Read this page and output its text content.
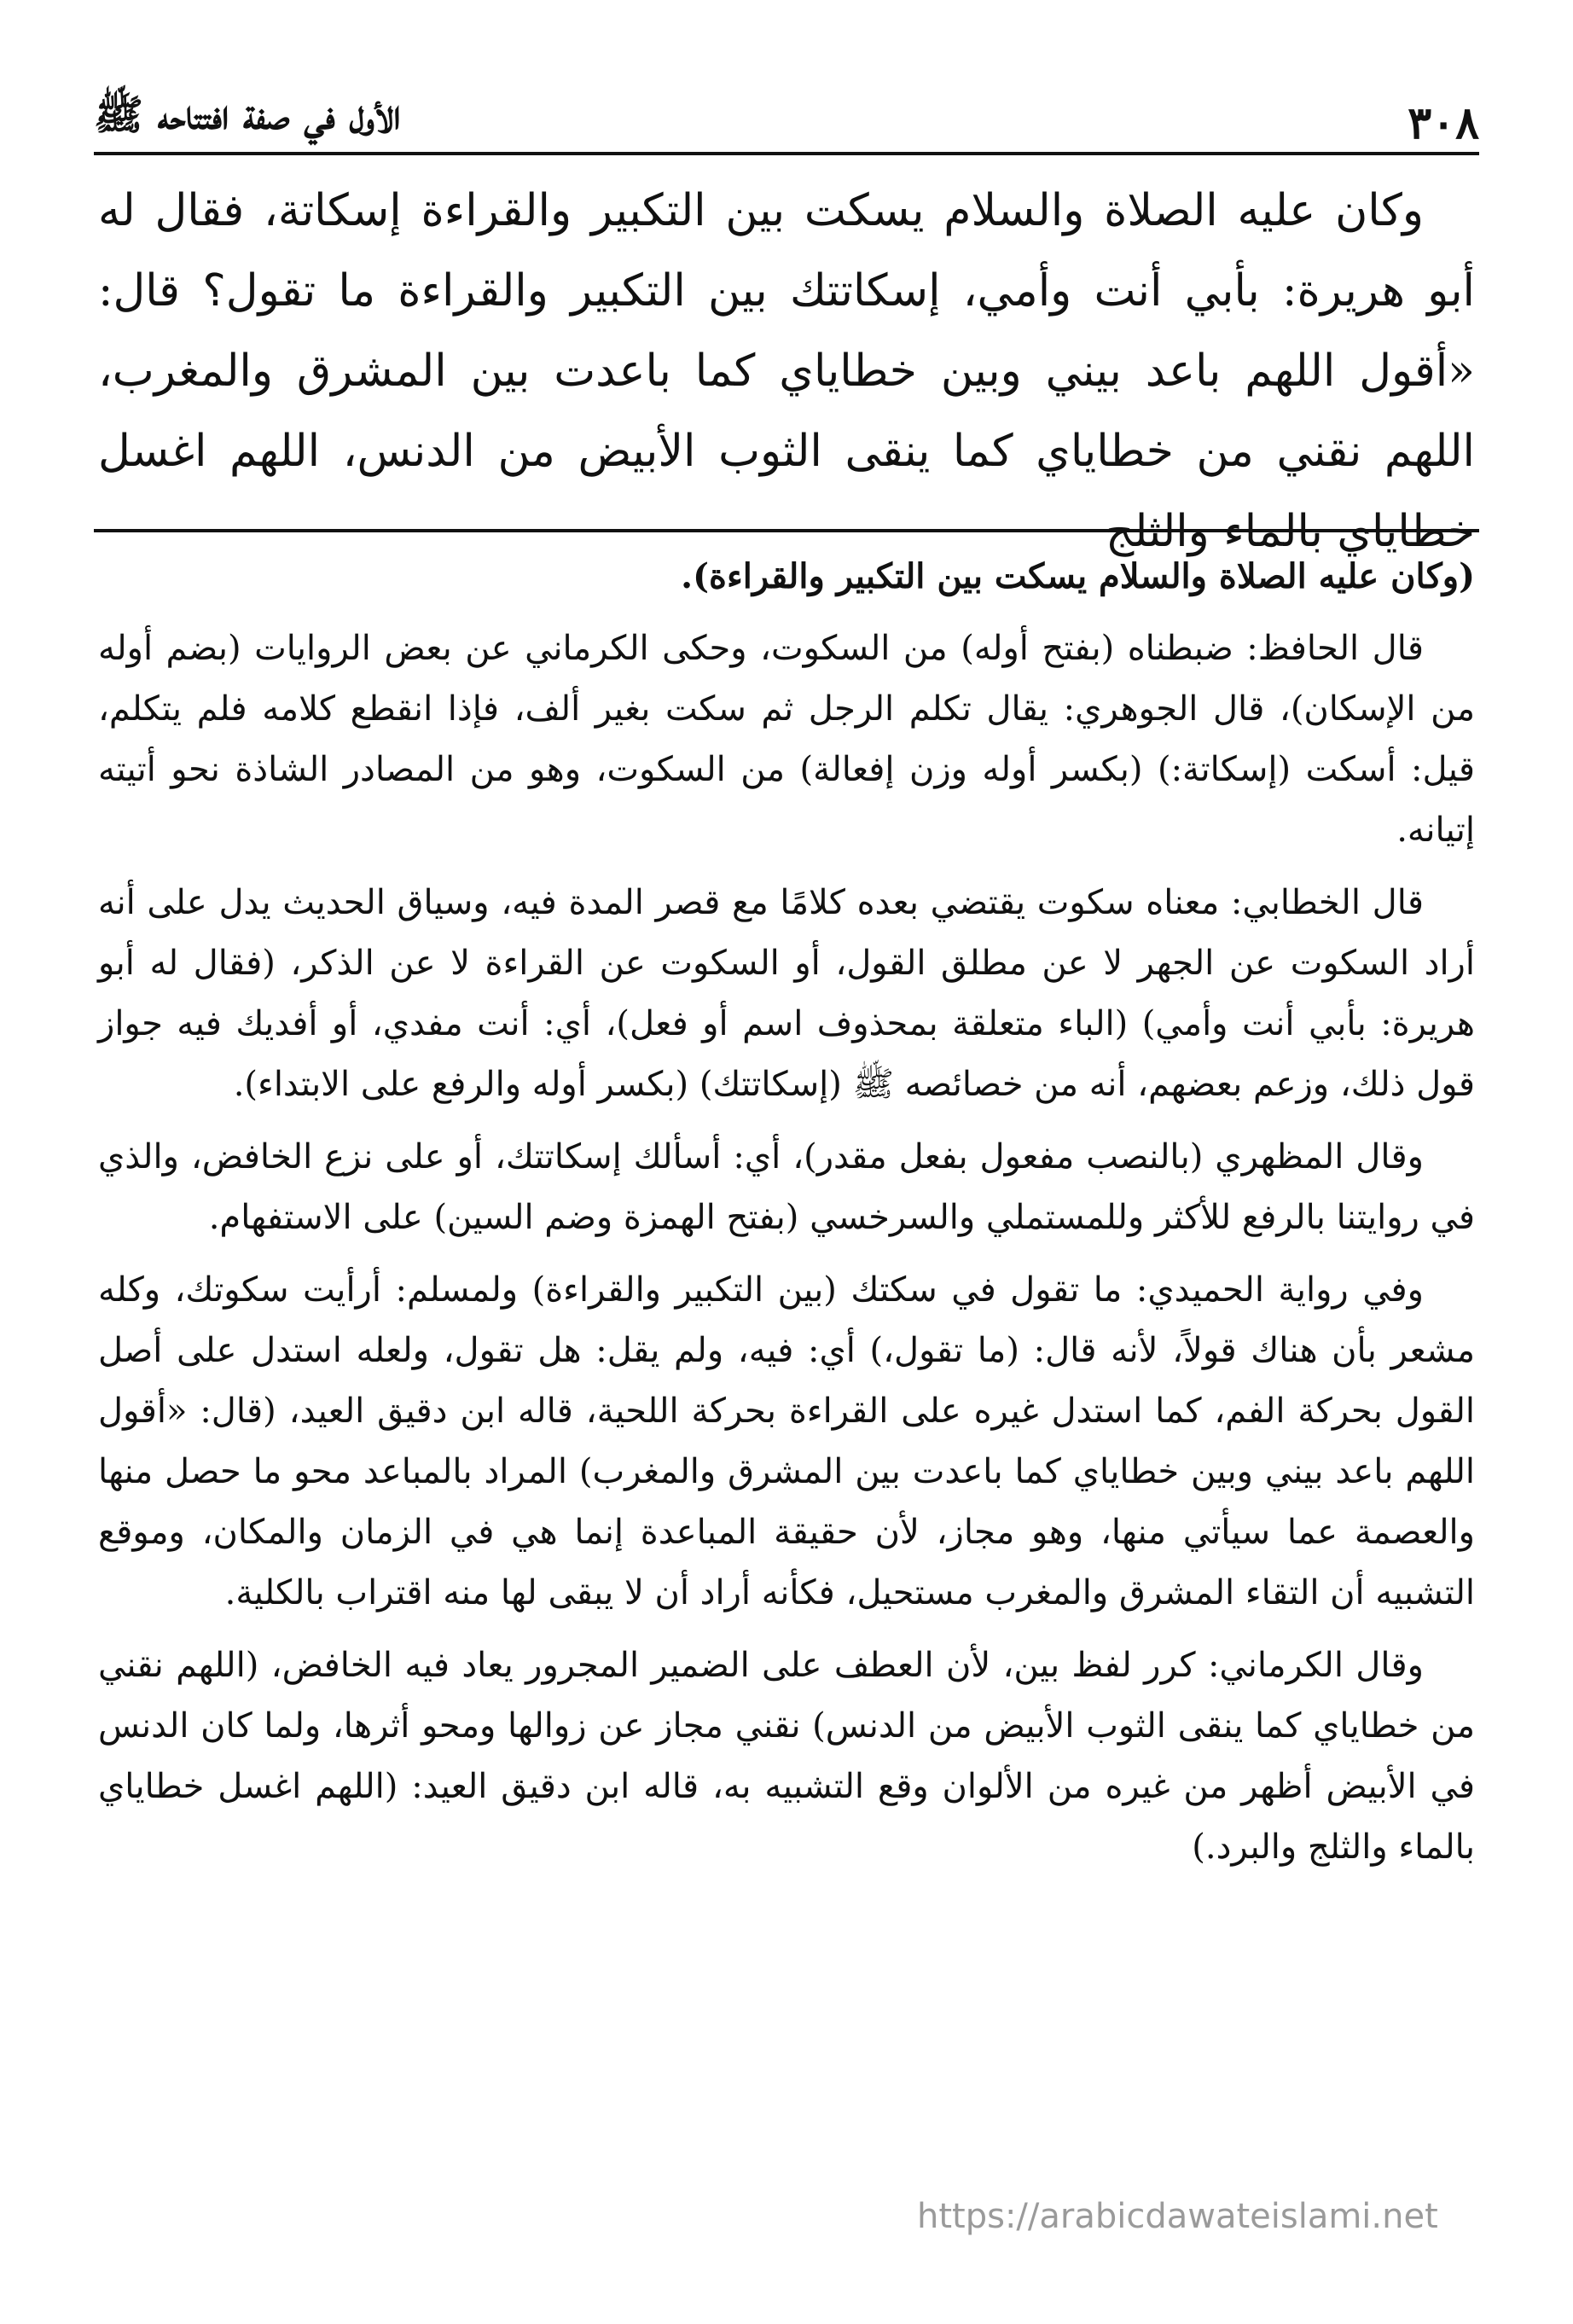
٣٠٨
الأول في صفة افتتاحه ﷺ

وكان عليه الصلاة والسلام يسكت بين التكبير والقراءة إسكاتة، فقال له أبو هريرة: بأبي أنت وأمي، إسكاتتك بين التكبير والقراءة ما تقول؟ قال: «أقول اللهم باعد بيني وبين خطاياي كما باعدت بين المشرق والمغرب، اللهم نقني من خطاياي كما ينقى الثوب الأبيض من الدنس، اللهم اغسل خطاياي بالماء والثلج

(وكان عليه الصلاة والسلام يسكت بين التكبير والقراءة).

قال الحافظ: ضبطناه (بفتح أوله) من السكوت، وحكى الكرماني عن بعض الروايات (بضم أوله من الإسكان)، قال الجوهري: يقال تكلم الرجل ثم سكت بغير ألف، فإذا انقطع كلامه فلم يتكلم، قيل: أسكت (إسكاتة:) (بكسر أوله وزن إفعالة) من السكوت، وهو من المصادر الشاذة نحو أتيته إتيانه.

قال الخطابي: معناه سكوت يقتضي بعده كلامًا مع قصر المدة فيه، وسياق الحديث يدل على أنه أراد السكوت عن الجهر لا عن مطلق القول، أو السكوت عن القراءة لا عن الذكر، (فقال له أبو هريرة: بأبي أنت وأمي) (الباء متعلقة بمحذوف اسم أو فعل)، أي: أنت مفدي، أو أفديك فيه جواز قول ذلك، وزعم بعضهم، أنه من خصائصه ﷺ (إسكاتتك) (بكسر أوله والرفع على الابتداء).

وقال المظهري (بالنصب مفعول بفعل مقدر)، أي: أسألك إسكاتتك، أو على نزع الخافض، والذي في روايتنا بالرفع للأكثر وللمستملي والسرخسي (بفتح الهمزة وضم السين) على الاستفهام.

وفي رواية الحميدي: ما تقول في سكتك (بين التكبير والقراءة) ولمسلم: أرأيت سكوتك، وكله مشعر بأن هناك قولاً، لأنه قال: (ما تقول،) أي: فيه، ولم يقل: هل تقول، ولعله استدل على أصل القول بحركة الفم، كما استدل غيره على القراءة بحركة اللحية، قاله ابن دقيق العيد، (قال: «أقول اللهم باعد بيني وبين خطاياي كما باعدت بين المشرق والمغرب) المراد بالمباعد محو ما حصل منها والعصمة عما سيأتي منها، وهو مجاز، لأن حقيقة المباعدة إنما هي في الزمان والمكان، وموقع التشبيه أن التقاء المشرق والمغرب مستحيل، فكأنه أراد أن لا يبقى لها منه اقتراب بالكلية.

وقال الكرماني: كرر لفظ بين، لأن العطف على الضمير المجرور يعاد فيه الخافض، (اللهم نقني من خطاياي كما ينقى الثوب الأبيض من الدنس) نقني مجاز عن زوالها ومحو أثرها، ولما كان الدنس في الأبيض أظهر من غيره من الألوان وقع التشبيه به، قاله ابن دقيق العيد: (اللهم اغسل خطاياي بالماء والثلج والبرد.)

https://arabicdawateislami.net
